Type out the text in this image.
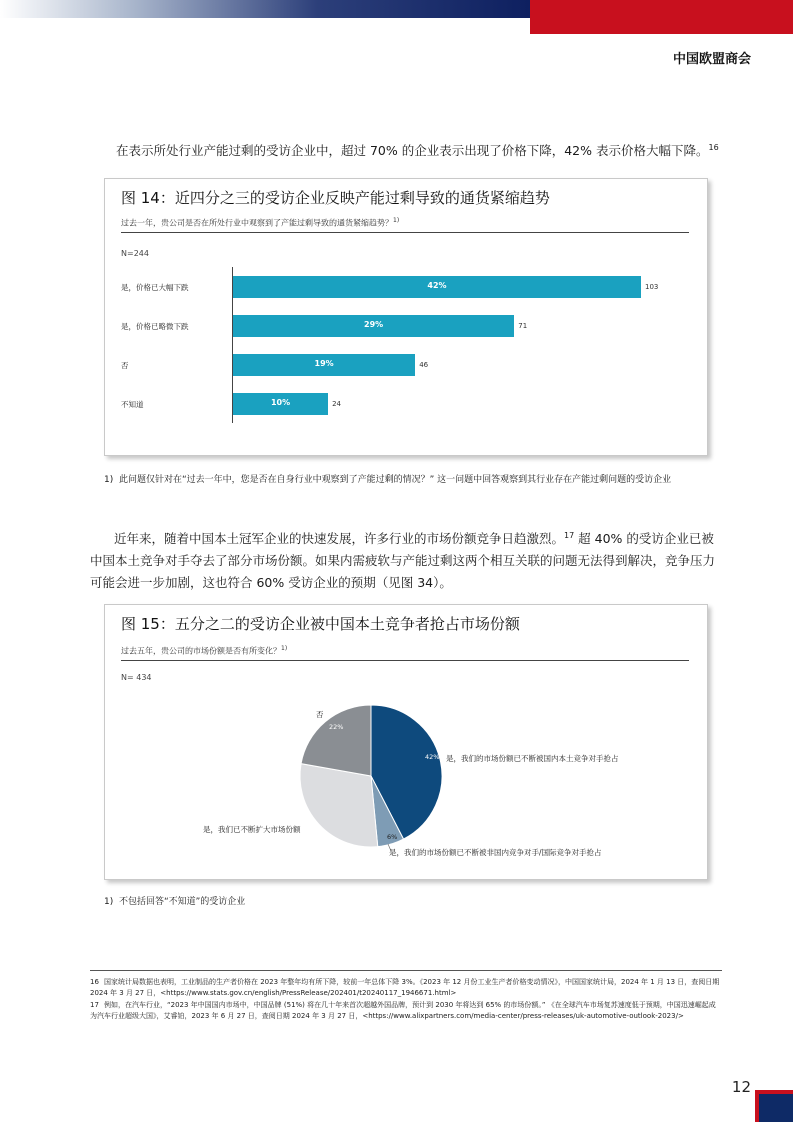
中国欧盟商会
在表示所处行业产能过剩的受访企业中，超过 70% 的企业表示出现了价格下降，42% 表示价格大幅下降。$^{16}$
图 14：近四分之三的受访企业反映产能过剩导致的通货紧缩趋势
过去一年，贵公司是否在所处行业中观察到了产能过剩导致的通货紧缩趋势？$^{1)}$
N=244
是，价格已大幅下跌	42%	103
是，价格已略微下跌	29%	71
否	19%	46
不知道	10%	24
1) 此问题仅针对在“过去一年中，您是否在自身行业中观察到了产能过剩的情况？” 这一问题中回答观察到其行业存在产能过剩问题的受访企业
近年来，随着中国本土冠军企业的快速发展，许多行业的市场份额竞争日趋激烈。$^{17}$ 超 40% 的受访企业已被中国本土竞争对手夺去了部分市场份额。如果内需疲软与产能过剩这两个相互关联的问题无法得到解决，竞争压力可能会进一步加剧，这也符合 60% 受访企业的预期（见图 34）。
图 15：五分之二的受访企业被中国本土竞争者抢占市场份额
过去五年，贵公司的市场份额是否有所变化？$^{1)}$
N= 434
42%
6%
22%
是，我们的市场份额已不断被国内本土竞争对手抢占
是，我们的市场份额已不断被非国内竞争对手/国际竞争对手抢占
是，我们已不断扩大市场份额
否
1) 不包括回答“不知道”的受访企业
16 国家统计局数据也表明，工业制品的生产者价格在 2023 年整年均有所下降，较前一年总体下降 3%。《2023 年 12 月份工业生产者价格变动情况》，中国国家统计局，2024 年 1 月 13 日，查阅日期 2024 年 3 月 27 日，<https://www.stats.gov.cn/english/PressRelease/202401/t20240117_1946671.html>
17 例如，在汽车行业，“2023 年中国国内市场中，中国品牌 (51%) 将在几十年来首次超越外国品牌，预计到 2030 年将达到 65% 的市场份额。” 《在全球汽车市场复苏速度低于预期，中国迅速崛起成为汽车行业超级大国》，艾睿铂，2023 年 6 月 27 日，查阅日期 2024 年 3 月 27 日，<https://www.alixpartners.com/media-center/press-releases/uk-automotive-outlook-2023/>
12
